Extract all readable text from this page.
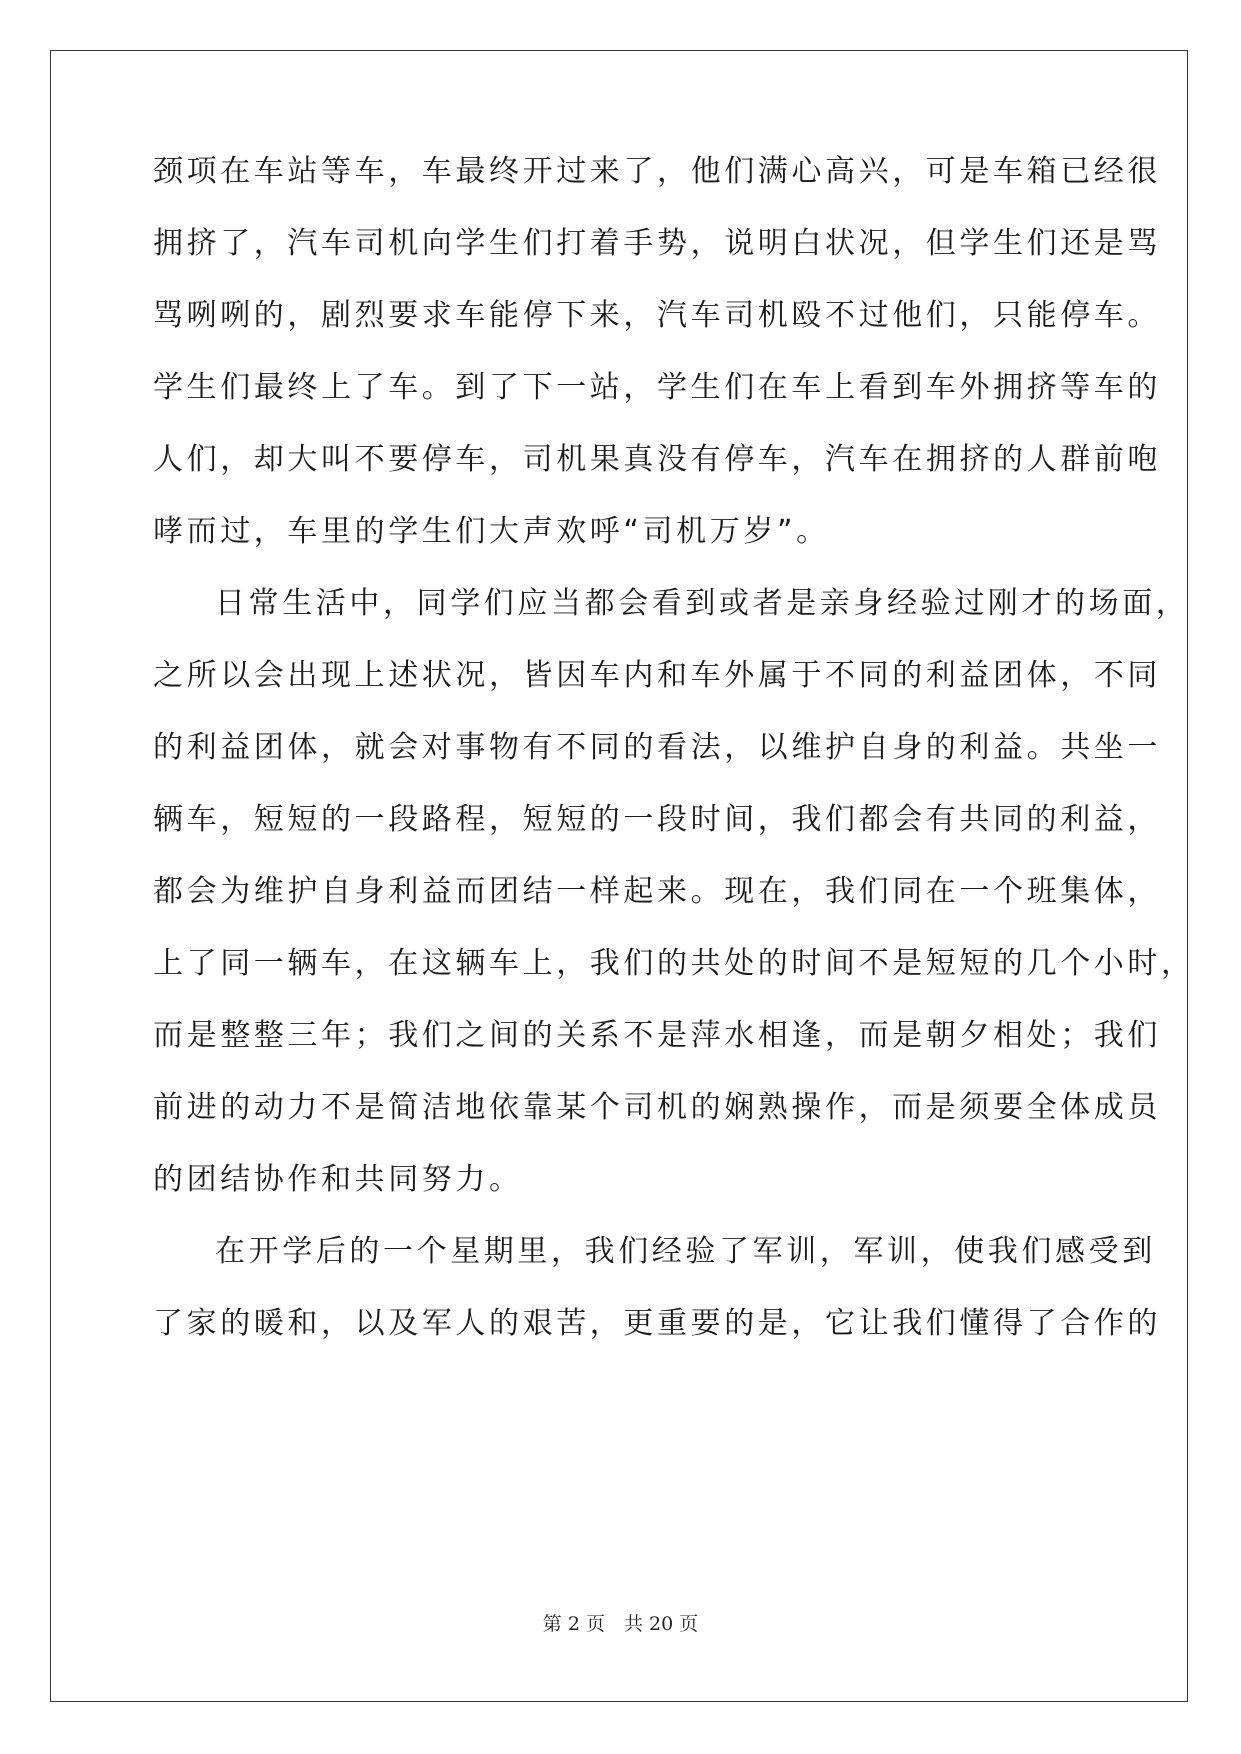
颈项在车站等车，车最终开过来了，他们满心高兴，可是车箱已经很
拥挤了，汽车司机向学生们打着手势，说明白状况，但学生们还是骂
骂咧咧的，剧烈要求车能停下来，汽车司机殴不过他们，只能停车。
学生们最终上了车。到了下一站，学生们在车上看到车外拥挤等车的
人们，却大叫不要停车，司机果真没有停车，汽车在拥挤的人群前咆
哮而过，车里的学生们大声欢呼“司机万岁”。
日常生活中，同学们应当都会看到或者是亲身经验过刚才的场面，
之所以会出现上述状况，皆因车内和车外属于不同的利益团体，不同
的利益团体，就会对事物有不同的看法，以维护自身的利益。共坐一
辆车，短短的一段路程，短短的一段时间，我们都会有共同的利益，
都会为维护自身利益而团结一样起来。现在，我们同在一个班集体，
上了同一辆车，在这辆车上，我们的共处的时间不是短短的几个小时，
而是整整三年；我们之间的关系不是萍水相逢，而是朝夕相处；我们
前进的动力不是简洁地依靠某个司机的娴熟操作，而是须要全体成员
的团结协作和共同努力。
在开学后的一个星期里，我们经验了军训，军训，使我们感受到
了家的暖和，以及军人的艰苦，更重要的是，它让我们懂得了合作的
第 2 页　共 20 页
